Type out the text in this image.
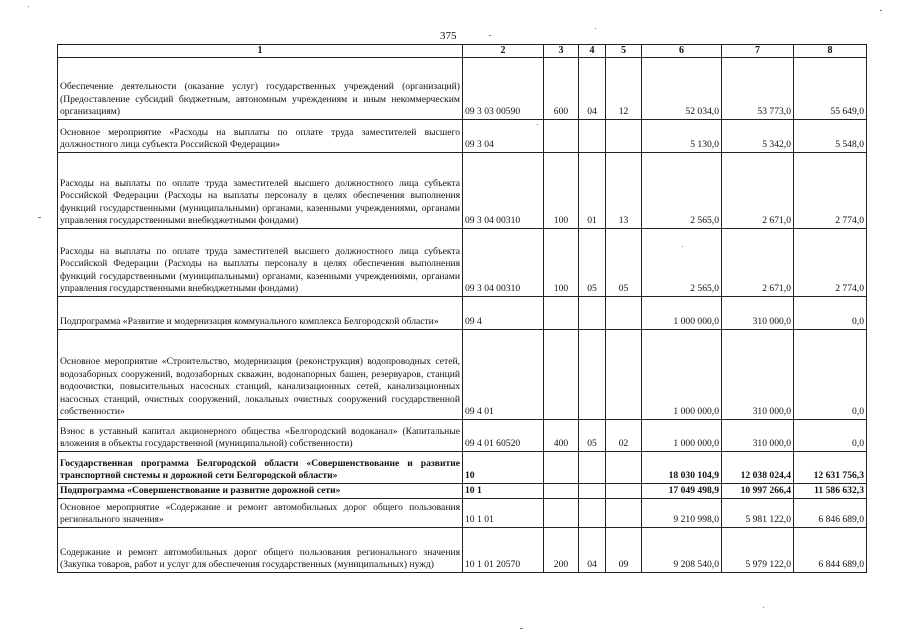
375
1	2	3	4	5	6	7	8
Обеспечение деятельности (оказание услуг) государственных учреждений (организаций) (Предоставление субсидий бюджетным, автономным учреждениям и иным некоммерческим организациям)	09 3 03 00590	600	04	12	52 034,0	53 773,0	55 649,0
Основное мероприятие «Расходы на выплаты по оплате труда заместителей высшего должностного лица субъекта Российской Федерации»	09 3 04				5 130,0	5 342,0	5 548,0
Расходы на выплаты по оплате труда заместителей высшего должностного лица субъекта Российской Федерации (Расходы на выплаты персоналу в целях обеспечения выполнения функций государственными (муниципальными) органами, казенными учреждениями, органами управления государственными внебюджетными фондами)	09 3 04 00310	100	01	13	2 565,0	2 671,0	2 774,0
Расходы на выплаты по оплате труда заместителей высшего должностного лица субъекта Российской Федерации (Расходы на выплаты персоналу в целях обеспечения выполнения функций государственными (муниципальными) органами, казенными учреждениями, органами управления государственными внебюджетными фондами)	09 3 04 00310	100	05	05	2 565,0	2 671,0	2 774,0
Подпрограмма «Развитие и модернизация коммунального комплекса Белгородской области»	09 4				1 000 000,0	310 000,0	0,0
Основное мероприятие «Строительство, модернизация (реконструкция) водопроводных сетей, водозаборных сооружений, водозаборных скважин, водонапорных башен, резервуаров, станций водоочистки, повысительных насосных станций, канализационных сетей, канализационных насосных станций, очистных сооружений, локальных очистных сооружений государственной собственности»	09 4 01				1 000 000,0	310 000,0	0,0
Взнос в уставный капитал акционерного общества «Белгородский водоканал» (Капитальные вложения в объекты государственной (муниципальной) собственности)	09 4 01 60520	400	05	02	1 000 000,0	310 000,0	0,0
Государственная программа Белгородской области «Совершенствование и развитие транспортной системы и дорожной сети Белгородской области»	10				18 030 104,9	12 038 024,4	12 631 756,3
Подпрограмма «Совершенствование и развитие дорожной сети»	10 1				17 049 498,9	10 997 266,4	11 586 632,3
Основное мероприятие «Содержание и ремонт автомобильных дорог общего пользования регионального значения»	10 1 01				9 210 998,0	5 981 122,0	6 846 689,0
Содержание и ремонт автомобильных дорог общего пользования регионального значения (Закупка товаров, работ и услуг для обеспечения государственных (муниципальных) нужд)	10 1 01 20570	200	04	09	9 208 540,0	5 979 122,0	6 844 689,0
